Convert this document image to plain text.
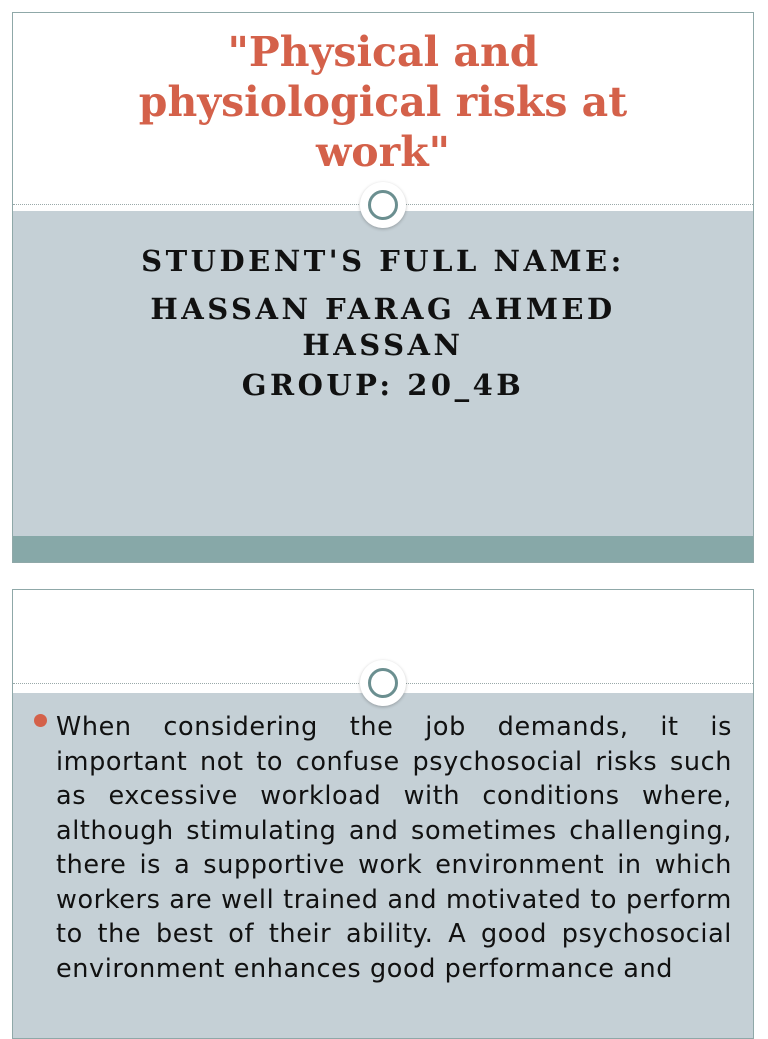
"Physical and physiological risks at work"
STUDENT'S FULL NAME:
HASSAN FARAG AHMED HASSAN
GROUP: 20_4B
When considering the job demands, it is important not to confuse psychosocial risks such as excessive workload with conditions where, although stimulating and sometimes challenging, there is a supportive work environment in which workers are well trained and motivated to perform to the best of their ability. A good psychosocial environment enhances good performance and
